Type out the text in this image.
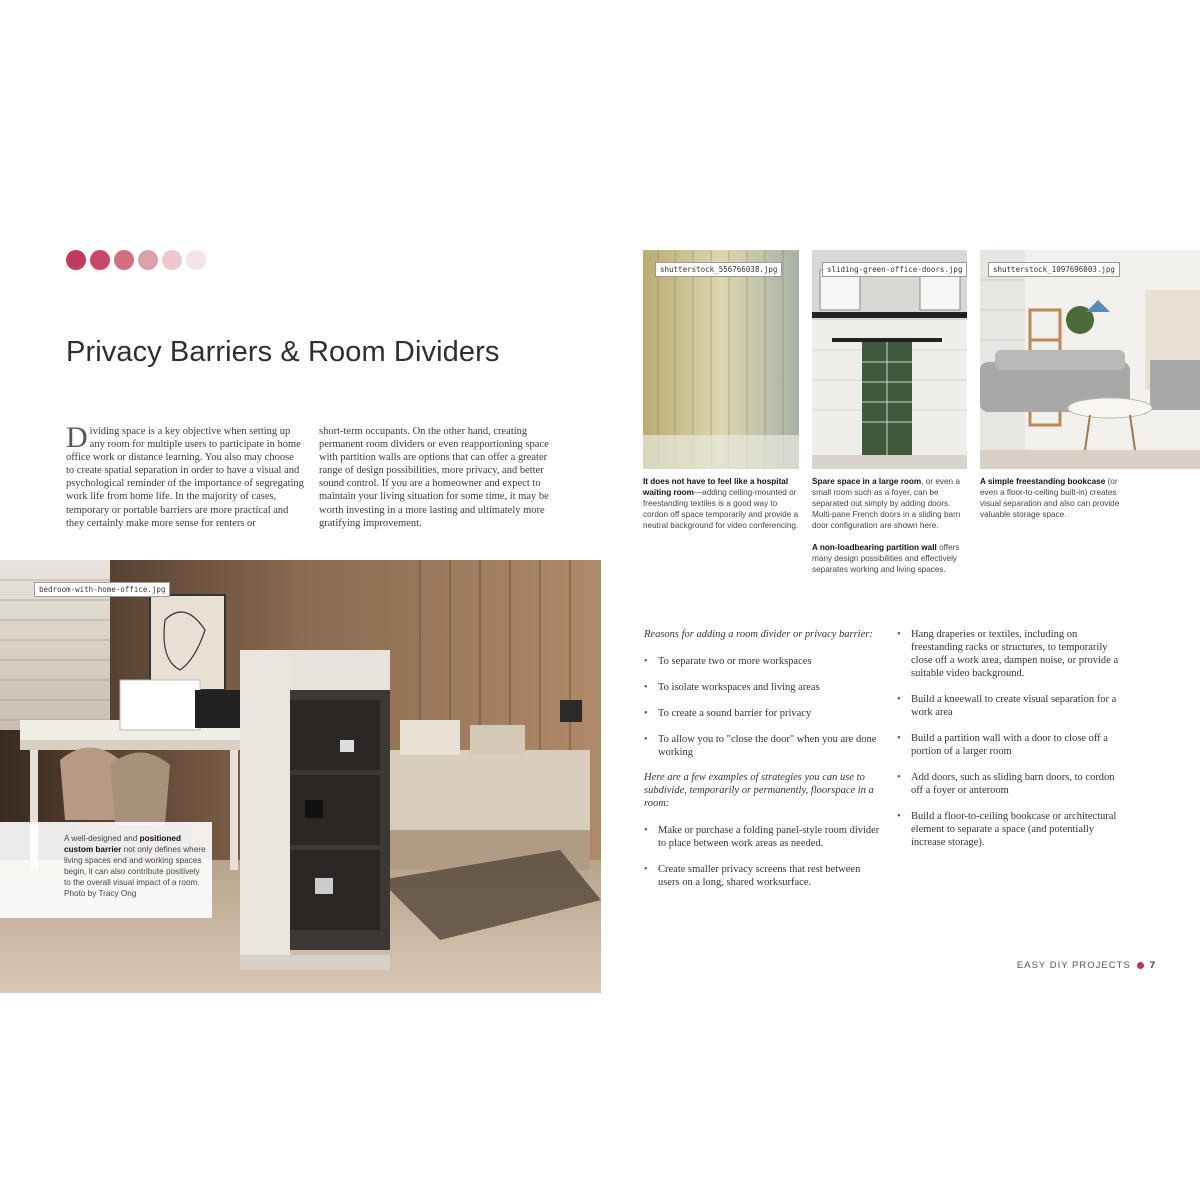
Privacy Barriers & Room Dividers
Dividing space is a key objective when setting up any room for multiple users to participate in home office work or distance learning. You also may choose to create spatial separation in order to have a visual and psychological reminder of the importance of segregating work life from home life. In the majority of cases, temporary or portable barriers are more practical and they certainly make more sense for renters or
short-term occupants. On the other hand, creating permanent room dividers or even reapportioning space with partition walls are options that can offer a greater range of design possibilities, more privacy, and better sound control. If you are a homeowner and expect to maintain your living situation for some time, it may be worth investing in a more lasting and ultimately more gratifying improvement.
bedroom-with-home-office.jpg
A well-designed and positioned custom barrier not only defines where living spaces end and working spaces begin, it can also contribute positively to the overall visual impact of a room. Photo by Tracy Ong
shutterstock_556766038.jpg
It does not have to feel like a hospital waiting room—adding ceiling-mounted or freestanding textiles is a good way to cordon off space temporarily and provide a neutral background for video conferencing.
sliding-green-office-doors.jpg
Spare space in a large room, or even a small room such as a foyer, can be separated out simply by adding doors. Multi-pane French doors in a sliding barn door configuration are shown here.
A non-loadbearing partition wall offers many design possibilities and effectively separates working and living spaces.
shutterstock_1097696003.jpg
A simple freestanding bookcase (or even a floor-to-ceiling built-in) creates visual separation and also can provide valuable storage space.
Reasons for adding a room divider or privacy barrier:
• To separate two or more workspaces
• To isolate workspaces and living areas
• To create a sound barrier for privacy
• To allow you to "close the door" when you are done working
Here are a few examples of strategies you can use to subdivide, temporarily or permanently, floorspace in a room:
• Make or purchase a folding panel-style room divider to place between work areas as needed.
• Create smaller privacy screens that rest between users on a long, shared worksurface.
• Hang draperies or textiles, including on freestanding racks or structures, to temporarily close off a work area, dampen noise, or provide a suitable video background.
• Build a kneewall to create visual separation for a work area
• Build a partition wall with a door to close off a portion of a larger room
• Add doors, such as sliding barn doors, to cordon off a foyer or anteroom
• Build a floor-to-ceiling bookcase or architectural element to separate a space (and potentially increase storage).
EASY DIY PROJECTS 7
